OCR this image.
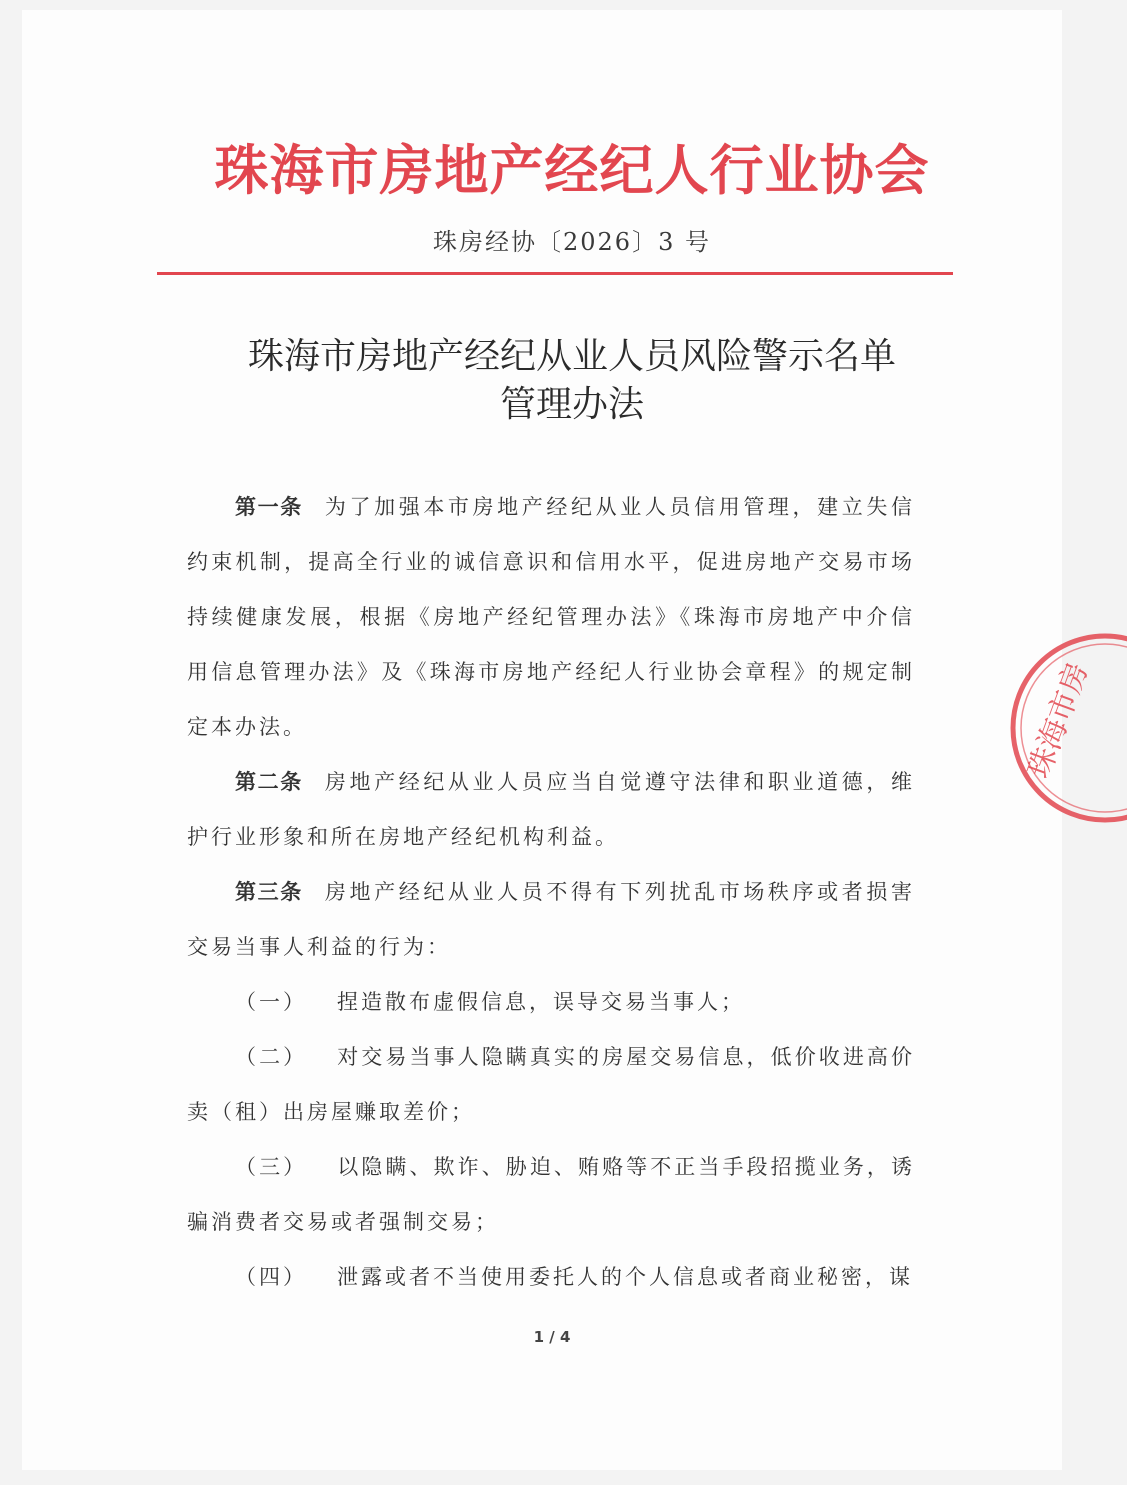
珠海市房地产经纪人行业协会
珠房经协〔2026〕3 号
珠海市房地产经纪从业人员风险警示名单
管理办法

第一条 为了加强本市房地产经纪从业人员信用管理，建立失信约束机制，提高全行业的诚信意识和信用水平，促进房地产交易市场持续健康发展，根据《房地产经纪管理办法》《珠海市房地产中介信用信息管理办法》及《珠海市房地产经纪人行业协会章程》的规定制定本办法。

第二条 房地产经纪从业人员应当自觉遵守法律和职业道德，维护行业形象和所在房地产经纪机构利益。

第三条 房地产经纪从业人员不得有下列扰乱市场秩序或者损害交易当事人利益的行为：

（一） 捏造散布虚假信息，误导交易当事人；

（二） 对交易当事人隐瞒真实的房屋交易信息，低价收进高价卖（租）出房屋赚取差价；

（三） 以隐瞒、欺诈、胁迫、贿赂等不正当手段招揽业务，诱骗消费者交易或者强制交易；

（四） 泄露或者不当使用委托人的个人信息或者商业秘密，谋

1 / 4
珠海市房
